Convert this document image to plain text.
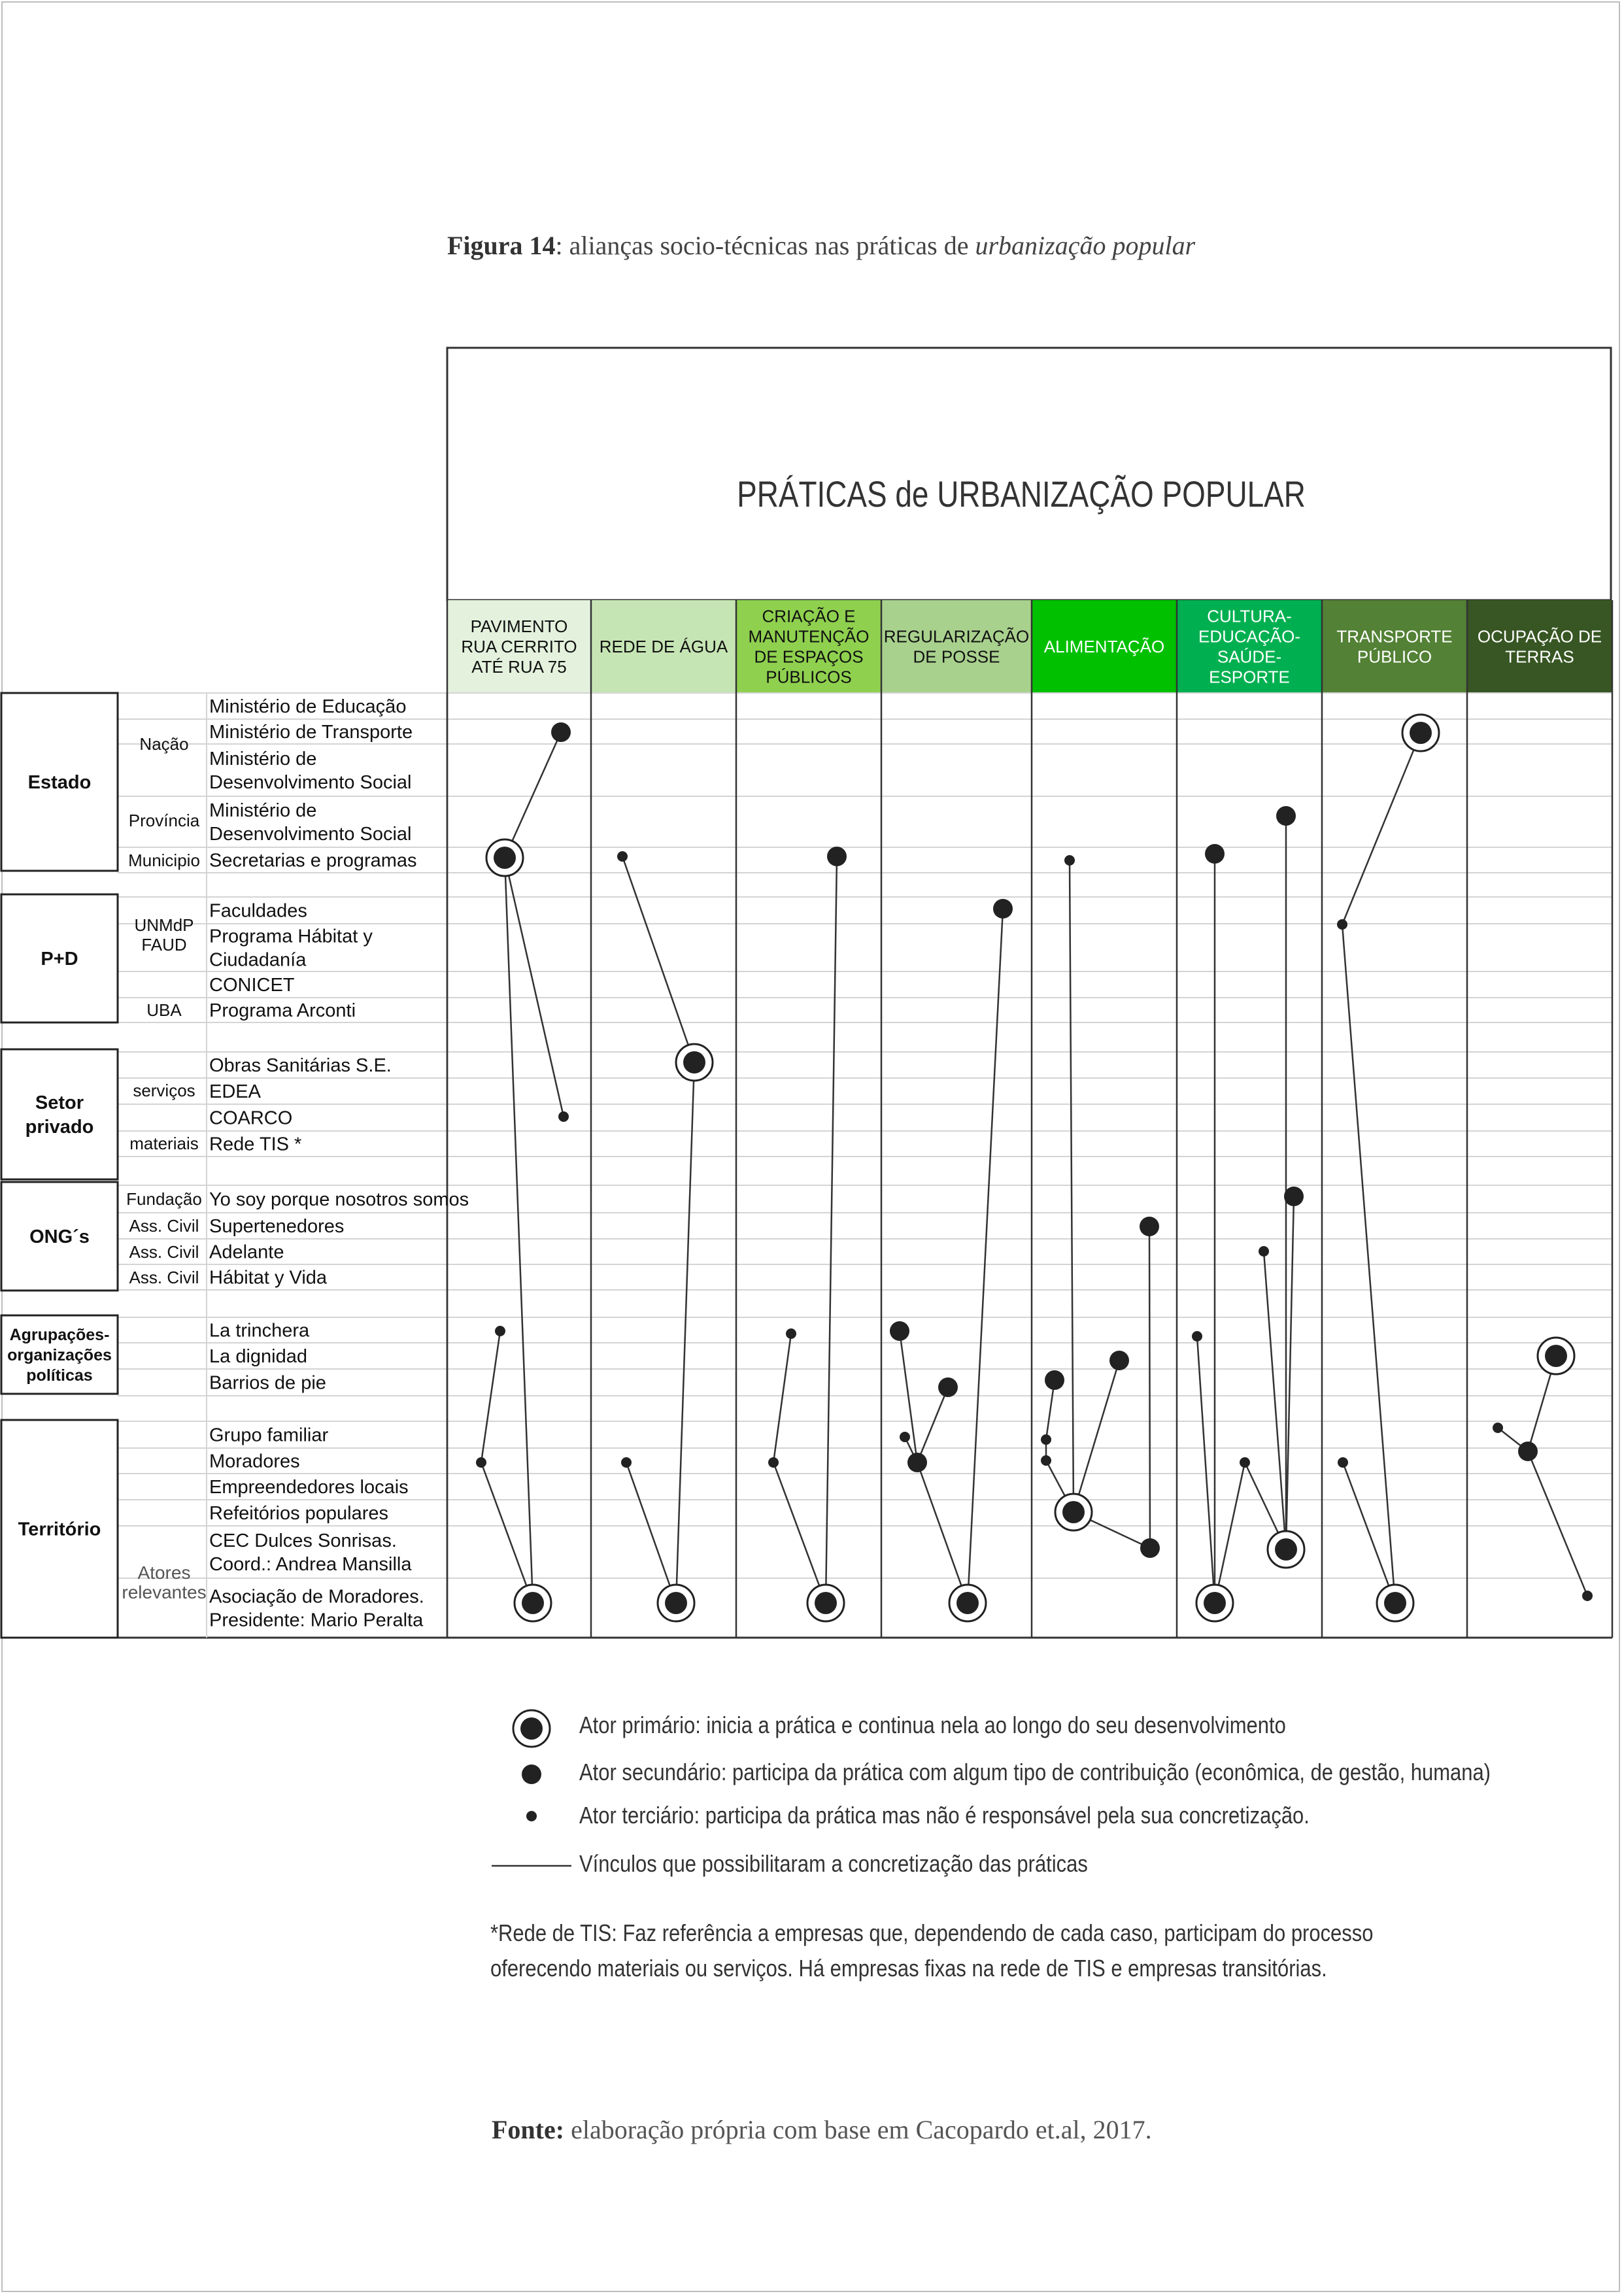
Figura 14: alianças socio-técnicas nas práticas de urbanização popular
PRÁTICAS de URBANIZAÇÃO POPULAR
PAVIMENTO RUA CERRITO ATÉ RUA 75
REDE DE ÁGUA
CRIAÇÃO E MANUTENÇÃO DE ESPAÇOS PÚBLICOS
REGULARIZAÇÃO DE POSSE
ALIMENTAÇÃO
CULTURA-EDUCAÇÃO-SAÚDE-ESPORTE
TRANSPORTE PÚBLICO
OCUPAÇÃO DE TERRAS
Ministério de Educação
Ministério de Transporte
Ministério de Desenvolvimento Social
Ministério de Desenvolvimento Social
Secretarias e programas
Faculdades
Programa Hábitat y Ciudadanía
CONICET
Programa Arconti
Obras Sanitárias S.E.
EDEA
COARCO
Rede TIS *
Yo soy porque nosotros somos
Supertenedores
Adelante
Hábitat y Vida
La trinchera
La dignidad
Barrios de pie
Grupo familiar
Moradores
Empreendedores locais
Refeitórios populares
CEC Dulces Sonrisas. Coord.: Andrea Mansilla
Asociação de Moradores. Presidente: Mario Peralta
Nação
Província
Municipio
UNMdP FAUD
UBA
serviços
materiais
Fundação
Ass. Civil
Ass. Civil
Ass. Civil
Atores relevantes
Estado
P+D
Setor privado
ONG´s
Agrupações-organizações políticas
Território
Ator primário: inicia a prática e continua nela ao longo do seu desenvolvimento
Ator secundário: participa da prática com algum tipo de contribuição (econômica, de gestão, humana)
Ator terciário: participa da prática mas não é responsável pela sua concretização.
Vínculos que possibilitaram a concretização das práticas
*Rede de TIS: Faz referência a empresas que, dependendo de cada caso, participam do processo
oferecendo materiais ou serviços. Há empresas fixas na rede de TIS e empresas transitórias.
Fonte: elaboração própria com base em Cacopardo et.al, 2017.
